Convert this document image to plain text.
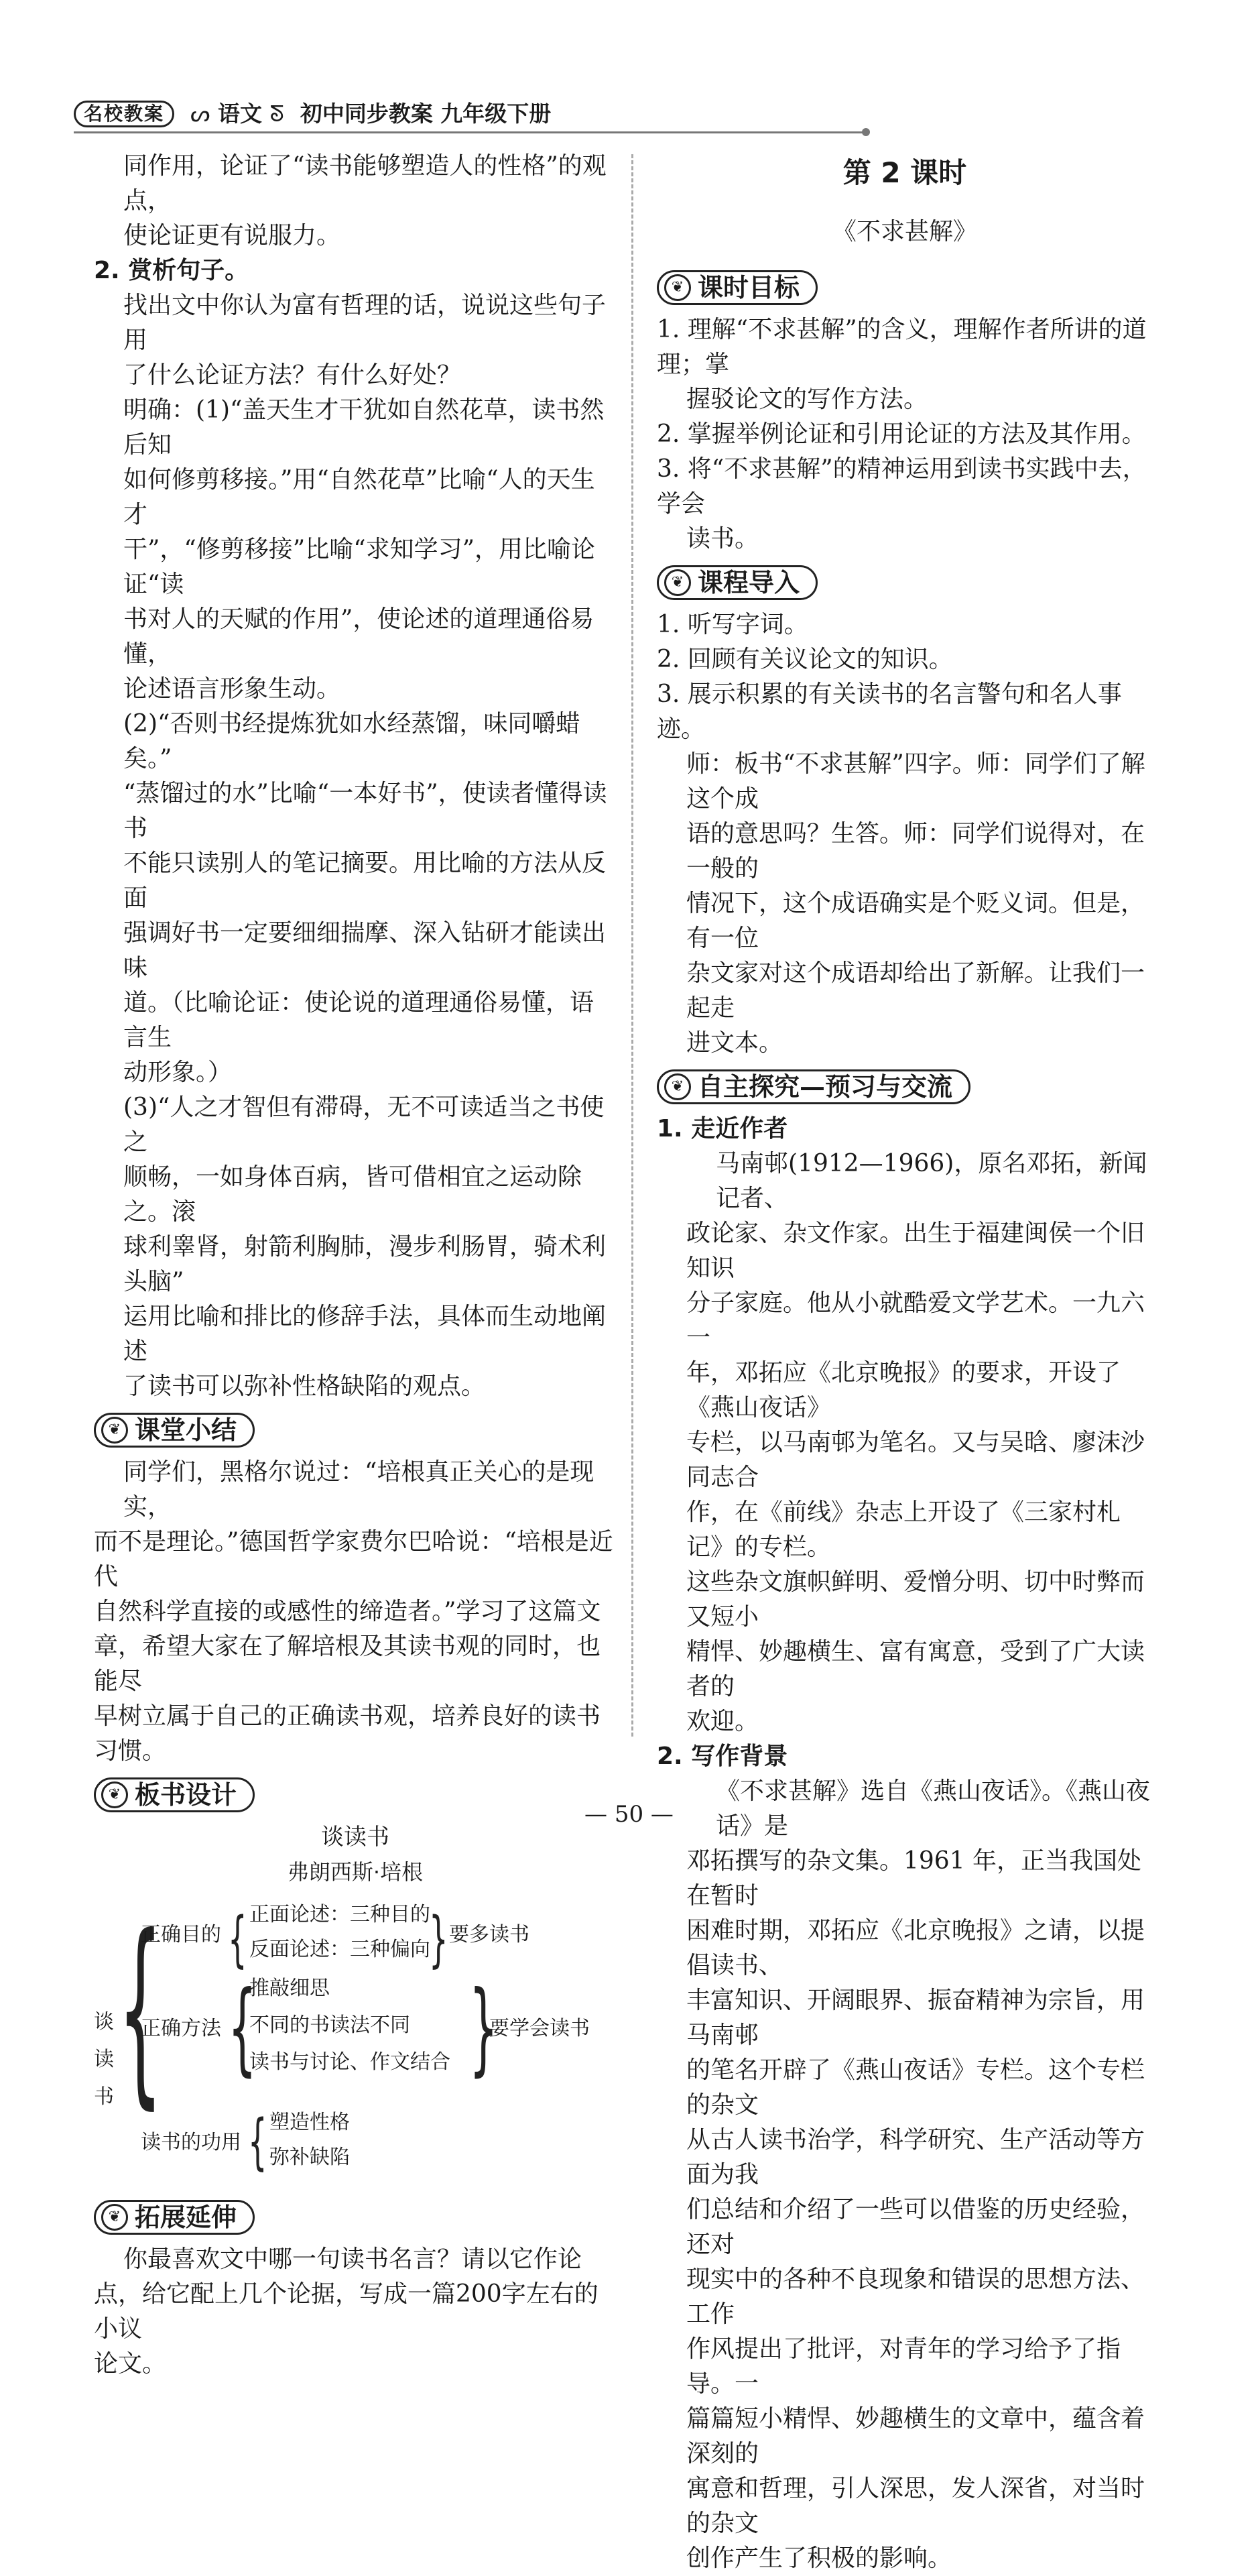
名校教案	ᔕ 语文 ᘕ 初中同步教案 九年级下册
同作用，论证了“读书能够塑造人的性格”的观点，
使论证更有说服力。
2. 赏析句子。
找出文中你认为富有哲理的话，说说这些句子用
了什么论证方法？有什么好处？
明确：(1)“盖天生才干犹如自然花草，读书然后知
如何修剪移接。”用“自然花草”比喻“人的天生才
干”，“修剪移接”比喻“求知学习”，用比喻论证“读
书对人的天赋的作用”，使论述的道理通俗易懂，
论述语言形象生动。
(2)“否则书经提炼犹如水经蒸馏，味同嚼蜡矣。”
“蒸馏过的水”比喻“一本好书”，使读者懂得读书
不能只读别人的笔记摘要。用比喻的方法从反面
强调好书一定要细细揣摩、深入钻研才能读出味
道。（比喻论证：使论说的道理通俗易懂，语言生
动形象。）
(3)“人之才智但有滞碍，无不可读适当之书使之
顺畅，一如身体百病，皆可借相宜之运动除之。滚
球利睾肾，射箭利胸肺，漫步利肠胃，骑术利头脑”
运用比喻和排比的修辞手法，具体而生动地阐述
了读书可以弥补性格缺陷的观点。
❦ 课堂小结
同学们，黑格尔说过：“培根真正关心的是现实，
而不是理论。”德国哲学家费尔巴哈说：“培根是近代
自然科学直接的或感性的缔造者。”学习了这篇文
章，希望大家在了解培根及其读书观的同时，也能尽
早树立属于自己的正确读书观，培养良好的读书
习惯。
❦ 板书设计
谈读书
弗朗西斯·培根
谈读书 {
正确目的 { 正面论述：三种目的
反面论述：三种偏向
} 要多读书
正确方法 {
推敲细思
不同的书读法不同
读书与讨论、作文结合 }
要学会读书
读书的功用 { 塑造性格
弥补缺陷
❦ 拓展延伸
你最喜欢文中哪一句读书名言？请以它作论
点，给它配上几个论据，写成一篇200字左右的小议
论文。
第 2 课时
《不求甚解》
❦ 课时目标
1. 理解“不求甚解”的含义，理解作者所讲的道理；掌
握驳论文的写作方法。
2. 掌握举例论证和引用论证的方法及其作用。
3. 将“不求甚解”的精神运用到读书实践中去，学会
读书。
❦ 课程导入
1. 听写字词。
2. 回顾有关议论文的知识。
3. 展示积累的有关读书的名言警句和名人事迹。
师：板书“不求甚解”四字。师：同学们了解这个成
语的意思吗？生答。师：同学们说得对，在一般的
情况下，这个成语确实是个贬义词。但是，有一位
杂文家对这个成语却给出了新解。让我们一起走
进文本。
❦ 自主探究—预习与交流
1. 走近作者
马南邨(1912—1966)，原名邓拓，新闻记者、
政论家、杂文作家。出生于福建闽侯一个旧知识
分子家庭。他从小就酷爱文学艺术。一九六一
年，邓拓应《北京晚报》的要求，开设了《燕山夜话》
专栏，以马南邨为笔名。又与吴晗、廖沫沙同志合
作，在《前线》杂志上开设了《三家村札记》的专栏。
这些杂文旗帜鲜明、爱憎分明、切中时弊而又短小
精悍、妙趣横生、富有寓意，受到了广大读者的
欢迎。
2. 写作背景
《不求甚解》选自《燕山夜话》。《燕山夜话》是
邓拓撰写的杂文集。1961 年，正当我国处在暂时
困难时期，邓拓应《北京晚报》之请，以提倡读书、
丰富知识、开阔眼界、振奋精神为宗旨，用马南邨
的笔名开辟了《燕山夜话》专栏。这个专栏的杂文
从古人读书治学，科学研究、生产活动等方面为我
们总结和介绍了一些可以借鉴的历史经验，还对
现实中的各种不良现象和错误的思想方法、工作
作风提出了批评，对青年的学习给予了指导。一
篇篇短小精悍、妙趣横生的文章中，蕴含着深刻的
寓意和哲理，引人深思，发人深省，对当时的杂文
创作产生了积极的影响。
— 50 —
